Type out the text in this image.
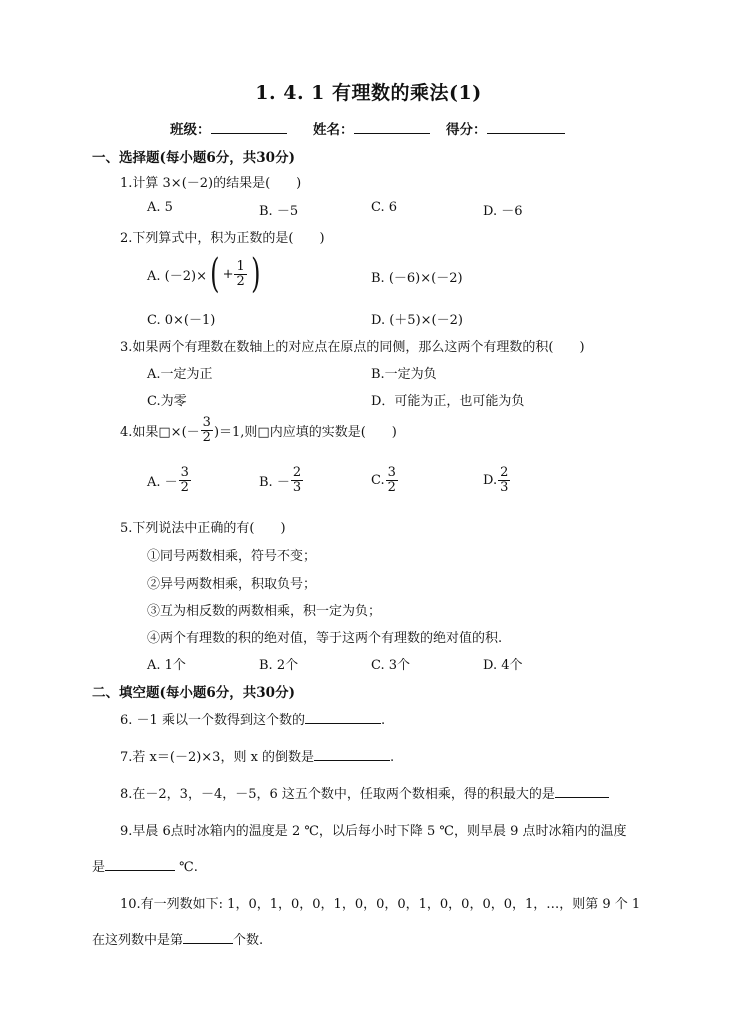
1. 4. 1 有理数的乘法(1)
班级：	姓名：	得分：
一、选择题(每小题6分，共30分)
1.计算 3×(－2)的结果是(　　)
A. 5	B. －5	C. 6	D. －6
2.下列算式中，积为正数的是(　　)
A. (－2)× ( + $\frac{1}{2}$ )	B. (－6)×(－2)
C. 0×(－1)	D. (＋5)×(－2)
3.如果两个有理数在数轴上的对应点在原点的同侧，那么这两个有理数的积(　　)
A.一定为正	B.一定为负
C.为零	D．可能为正，也可能为负
4.如果□×(－ $\frac{3}{2} )=1$,则□内应填的实数是(　　)
A. － $\frac{3}{2}$	B. － $\frac{2}{3}$	C. $\frac{3}{2}$	D. $\frac{2}{3}$
5.下列说法中正确的有(　　)
①同号两数相乘，符号不变；
②异号两数相乘，积取负号；
③互为相反数的两数相乘，积一定为负；
④两个有理数的积的绝对值，等于这两个有理数的绝对值的积.
A. 1个	B. 2个	C. 3个	D. 4个
二、填空题(每小题6分，共30分)
6. －1 乘以一个数得到这个数的	.
7.若 x＝(－2)×3，则 x 的倒数是	.
8.在－2，3，－4，－5，6 这五个数中，任取两个数相乘，得的积最大的是
9.早晨 6点时冰箱内的温度是 2 ℃，以后每小时下降 5 ℃，则早晨 9 点时冰箱内的温度
是	℃.
10.有一列数如下: 1，0，1，0，0，1，0，0，0，1，0，0，0，0，1，…，则第 9 个 1
在这列数中是第	个数.
